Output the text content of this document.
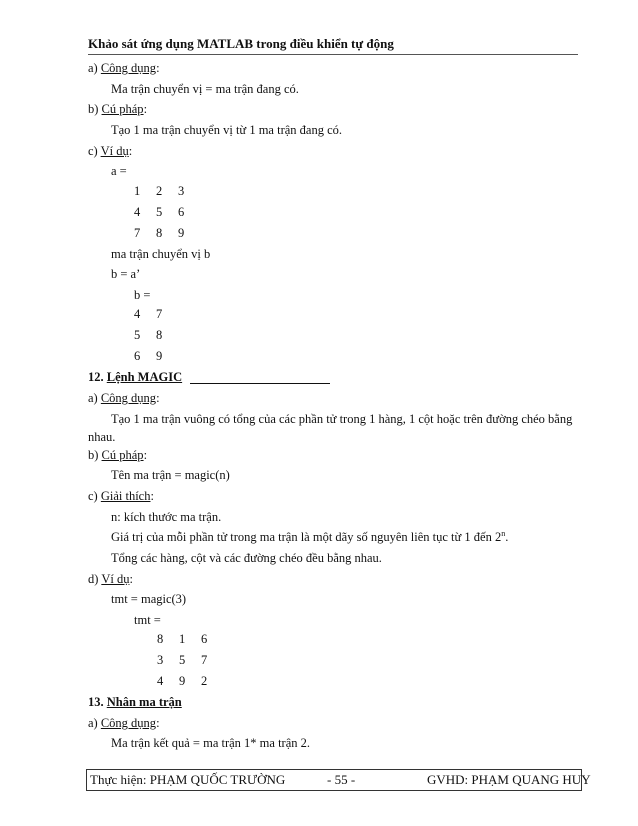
Khảo sát ứng dụng MATLAB trong điều khiển tự động
a) Công dụng:
Ma trận chuyển vị = ma trận đang có.
b) Cú pháp:
Tạo 1 ma trận chuyển vị từ 1 ma trận đang có.
c) Ví dụ:
a =
1 2 3
4 5 6
7 8 9
ma trận chuyển vị b
b = a’
b =
4 7
5 8
6 9
12. Lệnh MAGIC
a) Công dụng:
Tạo 1 ma trận vuông có tổng của các phần tử trong 1 hàng, 1 cột hoặc trên đường chéo bằng
nhau.
b) Cú pháp:
Tên ma trận = magic(n)
c) Giải thích:
n: kích thước ma trận.
Giá trị của mỗi phần tử trong ma trận là một dãy số nguyên liên tục từ 1 đến 2$^n$.
Tổng các hàng, cột và các đường chéo đều bằng nhau.
d) Ví dụ:
tmt = magic(3)
tmt =
8 1 6
3 5 7
4 9 2
13. Nhân ma trận
a) Công dụng:
Ma trận kết quả = ma trận 1* ma trận 2.
Thực hiện: PHẠM QUỐC TRƯỜNG	- 55 -	GVHD: PHẠM QUANG HUY
